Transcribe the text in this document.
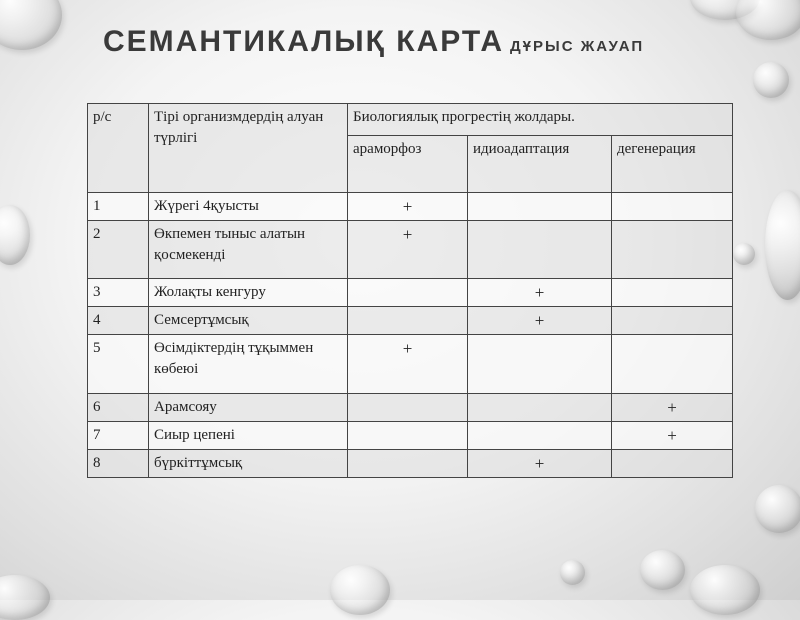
СЕМАНТИКАЛЫҚ КАРТА ДҰРЫС ЖАУАП
р/с	Тірі организмдердің алуан түрлігі	Биологиялық прогрестің жолдары.		
		араморфоз	идиоадаптация	дегенерация
1	Жүрегі 4қуысты	+		
2	Өкпемен тыныс алатын қосмекенді	+		
3	Жолақты кенгуру		+	
4	Семсертұмсық		+	
5	Өсімдіктердің тұқыммен көбеюі	+		
6	Арамсояу			+
7	Сиыр цепені			+
8	бүркіттұмсық		+	
